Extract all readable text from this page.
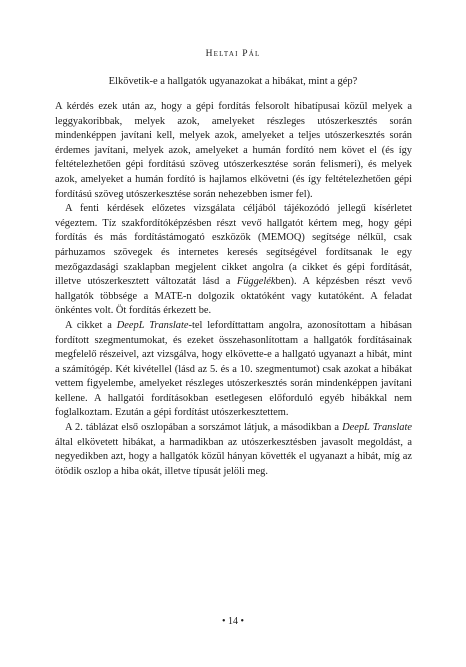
Heltai Pál
Elkövetik-e a hallgatók ugyanazokat a hibákat, mint a gép?

A kérdés ezek után az, hogy a gépi fordítás felsorolt hibatípusai közül melyek a leggyakoribbak, melyek azok, amelyeket részleges utószerkesztés során mindenképpen javítani kell, melyek azok, amelyeket a teljes utószerkesztés során érdemes javítani, melyek azok, amelyeket a humán fordító nem követ el (és így feltételezhetően gépi fordítású szöveg utószerkesztése során felismeri), és melyek azok, amelyeket a humán fordító is hajlamos elkövetni (és így feltételezhetően gépi fordítású szöveg utószerkesztése során nehezebben ismer fel).

A fenti kérdések előzetes vizsgálata céljából tájékozódó jellegű kísérletet végeztem. Tíz szakfordítóképzésben részt vevő hallgatót kértem meg, hogy gépi fordítás és más fordítástámogató eszközök (MEMOQ) segítsége nélkül, csak párhuzamos szövegek és internetes keresés segítségével fordítsanak le egy mezőgazdasági szaklapban megjelent cikket angolra (a cikket és gépi fordítását, illetve utószerkesztett változatát lásd a Függelékben). A képzésben részt vevő hallgatók többsége a MATE-n dolgozik oktatóként vagy kutatóként. A feladat önkéntes volt. Öt fordítás érkezett be.

A cikket a DeepL Translate-tel lefordíttattam angolra, azonosítottam a hibásan fordított szegmentumokat, és ezeket összehasonlítottam a hallgatók fordításainak megfelelő részeivel, azt vizsgálva, hogy elkövette-e a hallgató ugyanazt a hibát, mint a számítógép. Két kivétellel (lásd az 5. és a 10. szegmentumot) csak azokat a hibákat vettem figyelembe, amelyeket részleges utószerkesztés során mindenképpen javítani kellene. A hallgatói fordításokban esetlegesen előforduló egyéb hibákkal nem foglalkoztam. Ezután a gépi fordítást utószerkesztettem.

A 2. táblázat első oszlopában a sorszámot látjuk, a másodikban a DeepL Translate által elkövetett hibákat, a harmadikban az utószerkesztésben javasolt megoldást, a negyedikben azt, hogy a hallgatók közül hányan követték el ugyanazt a hibát, míg az ötödik oszlop a hiba okát, illetve típusát jelöli meg.

• 14 •
